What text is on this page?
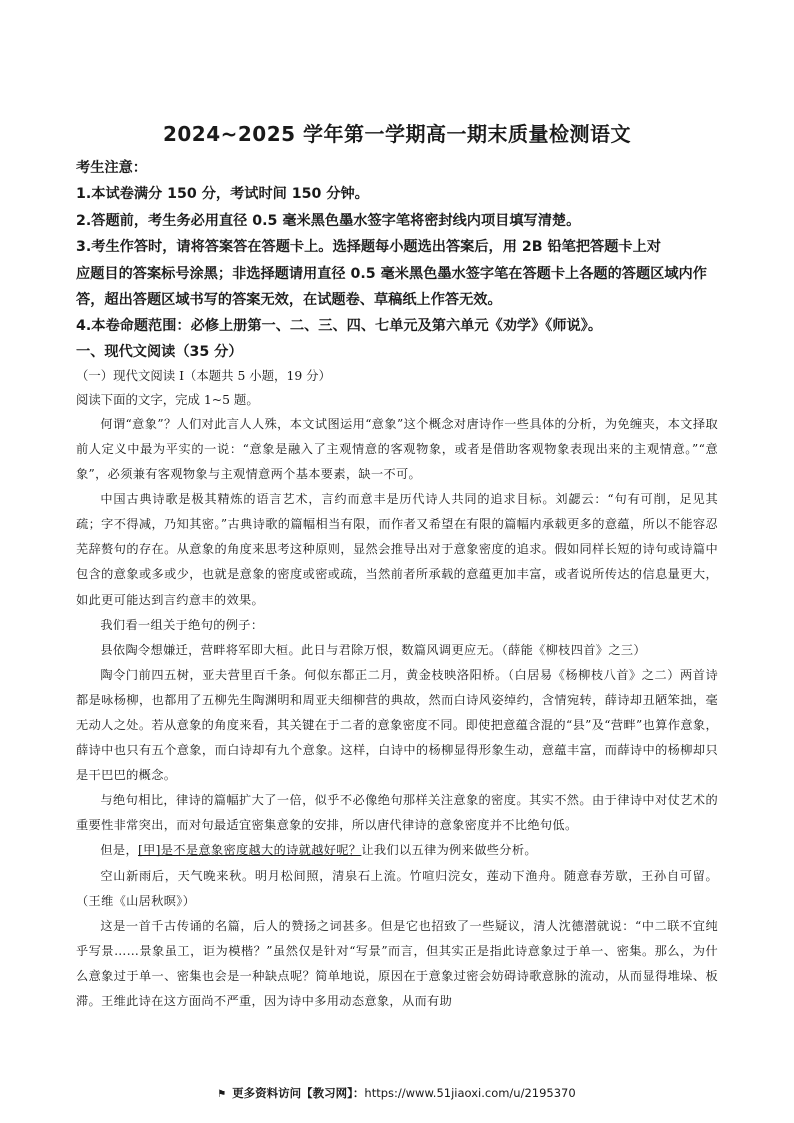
2024~2025 学年第一学期高一期末质量检测语文

考生注意：

1.本试卷满分 150 分，考试时间 150 分钟。

2.答题前，考生务必用直径 0.5 毫米黑色墨水签字笔将密封线内项目填写清楚。

3.考生作答时，请将答案答在答题卡上。选择题每小题选出答案后，用 2B 铅笔把答题卡上对
应题目的答案标号涂黑；非选择题请用直径 0.5 毫米黑色墨水签字笔在答题卡上各题的答题区域内作答，超出答题区域书写的答案无效，在试题卷、草稿纸上作答无效。

4.本卷命题范围：必修上册第一、二、三、四、七单元及第六单元《劝学》《师说》。

一、现代文阅读（35 分）

（一）现代文阅读 I（本题共 5 小题，19 分）

阅读下面的文字，完成 1~5 题。

何谓“意象”？人们对此言人人殊，本文试图运用“意象”这个概念对唐诗作一些具体的分析，为免缠夹，本文择取前人定义中最为平实的一说：“意象是融入了主观情意的客观物象，或者是借助客观物象表现出来的主观情意。”“意象”，必须兼有客观物象与主观情意两个基本要素，缺一不可。

中国古典诗歌是极其精炼的语言艺术，言约而意丰是历代诗人共同的追求目标。刘勰云：“句有可削，足见其疏；字不得减，乃知其密。”古典诗歌的篇幅相当有限，而作者又希望在有限的篇幅内承载更多的意蕴，所以不能容忍芜辞赘句的存在。从意象的角度来思考这种原则，显然会推导出对于意象密度的追求。假如同样长短的诗句或诗篇中包含的意象或多或少，也就是意象的密度或密或疏，当然前者所承载的意蕴更加丰富，或者说所传达的信息量更大，如此更可能达到言约意丰的效果。

我们看一组关于绝句的例子：

县依陶令想嫌迁，营畔将军即大桓。此日与君除万恨，数篇风调更应无。（薛能《柳枝四首》之三）

陶令门前四五树，亚夫营里百千条。何似东都正二月，黄金枝映洛阳桥。（白居易《杨柳枝八首》之二）两首诗都是咏杨柳，也都用了五柳先生陶渊明和周亚夫细柳营的典故，然而白诗风姿绰约，含情宛转，薛诗却丑陋笨拙，毫无动人之处。若从意象的角度来看，其关键在于二者的意象密度不同。即使把意蕴含混的“县”及“营畔”也算作意象，薛诗中也只有五个意象，而白诗却有九个意象。这样，白诗中的杨柳显得形象生动，意蕴丰富，而薛诗中的杨柳却只是干巴巴的概念。

与绝句相比，律诗的篇幅扩大了一倍，似乎不必像绝句那样关注意象的密度。其实不然。由于律诗中对仗艺术的重要性非常突出，而对句最适宜密集意象的安排，所以唐代律诗的意象密度并不比绝句低。

但是，[甲]是不是意象密度越大的诗就越好呢？让我们以五律为例来做些分析。

空山新雨后，天气晚来秋。明月松间照，清泉石上流。竹喧归浣女，莲动下渔舟。随意春芳歇，王孙自可留。（王维《山居秋暝》）

这是一首千古传诵的名篇，后人的赞扬之词甚多。但是它也招致了一些疑议，清人沈德潜就说：“中二联不宜纯乎写景……景象虽工，讵为模楷？”虽然仅是针对“写景”而言，但其实正是指此诗意象过于单一、密集。那么，为什么意象过于单一、密集也会是一种缺点呢？简单地说，原因在于意象过密会妨碍诗歌意脉的流动，从而显得堆垛、板滞。王维此诗在这方面尚不严重，因为诗中多用动态意象，从而有助

⚑ 更多资料访问【教习网】：https://www.51jiaoxi.com/u/2195370
